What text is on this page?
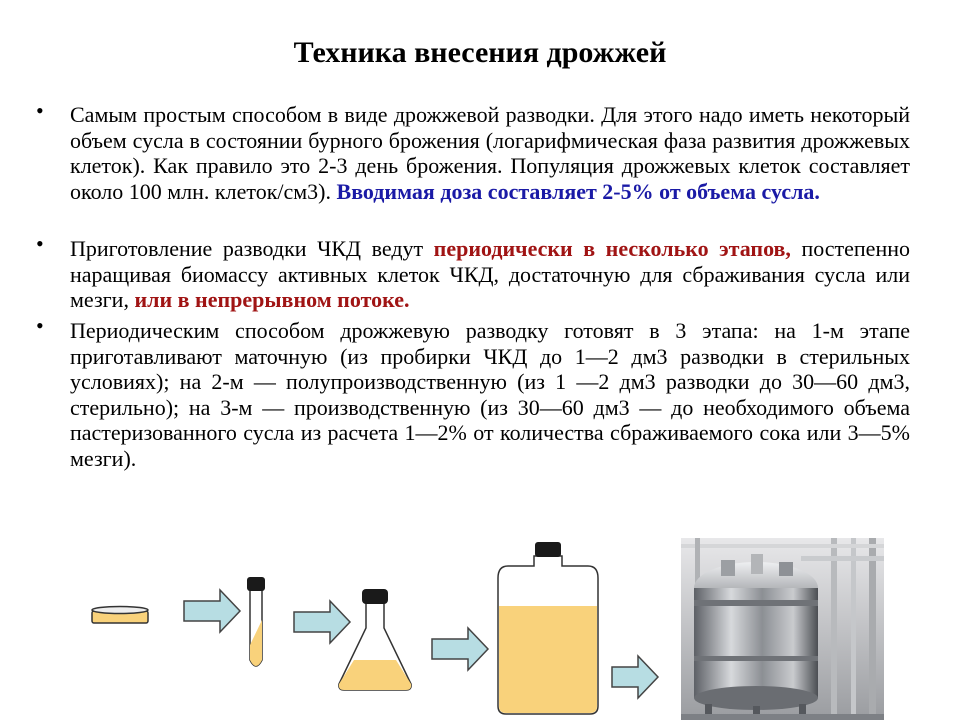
Техника внесения дрожжей
• Самым простым способом в виде дрожжевой разводки. Для этого надо иметь некоторый объем сусла в состоянии бурного брожения (логарифмическая фаза развития дрожжевых клеток). Как правило это 2-3 день брожения. Популяция дрожжевых клеток составляет около 100 млн. клеток/см3). Вводимая доза составляет 2-5% от объема сусла.
• Приготовление разводки ЧКД ведут периодически в несколько этапов, постепенно наращивая биомассу активных клеток ЧКД, достаточную для сбраживания сусла или мезги, или в непрерывном потоке.
• Периодическим способом дрожжевую разводку готовят в 3 этапа: на 1-м этапе приготавливают маточную (из пробирки ЧКД до 1—2 дм3 разводки в стерильных условиях); на 2-м — полупроизводственную (из 1 —2 дм3 разводки до 30—60 дм3, стерильно); на 3-м — производственную (из 30—60 дм3 — до необходимого объема пастеризованного сусла из расчета 1—2% от количества сбраживаемого сока или 3—5% мезги).
